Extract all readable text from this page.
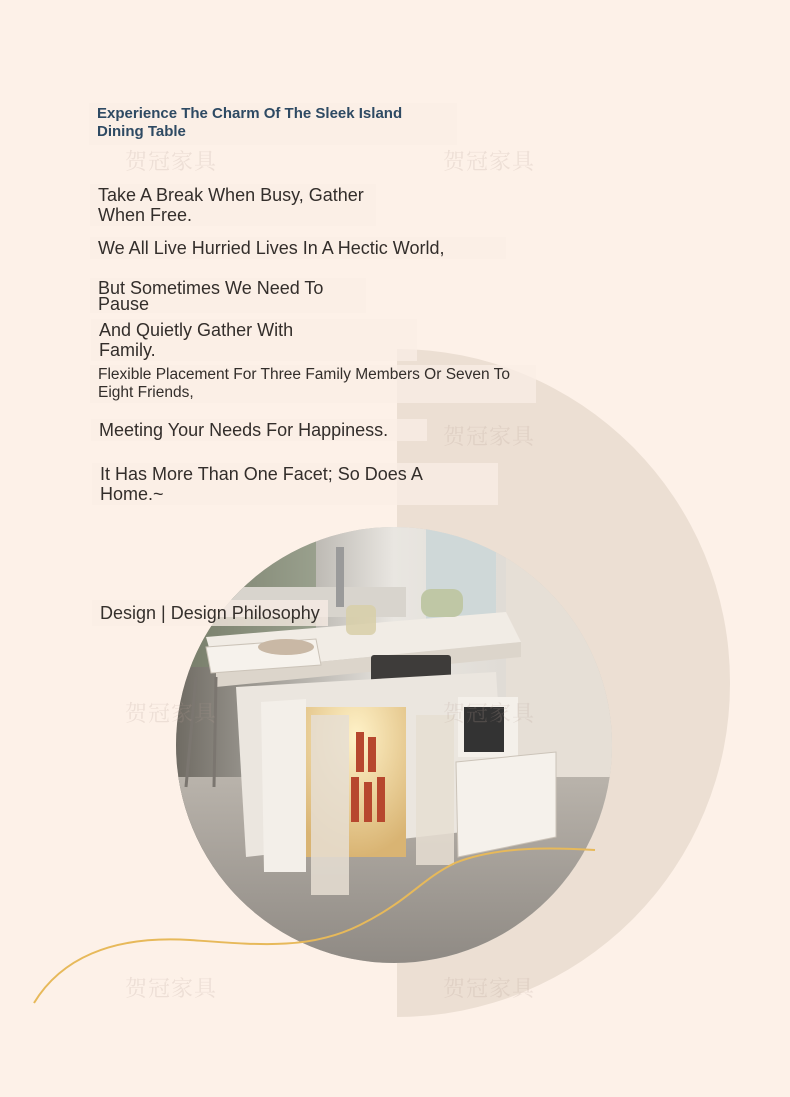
Experience The Charm Of The Sleek Island
Dining Table

Take A Break When Busy, Gather
When Free.

We All Live Hurried Lives In A Hectic World,

But Sometimes We Need To
Pause

And Quietly Gather With
Family.

Flexible Placement For Three Family Members Or Seven To
Eight Friends,

Meeting Your Needs For Happiness.

It Has More Than One Facet; So Does A Home.~

Design | Design Philosophy
贺冠家具	贺冠家具
贺冠家具
贺冠家具	贺冠家具
贺冠家具	贺冠家具
